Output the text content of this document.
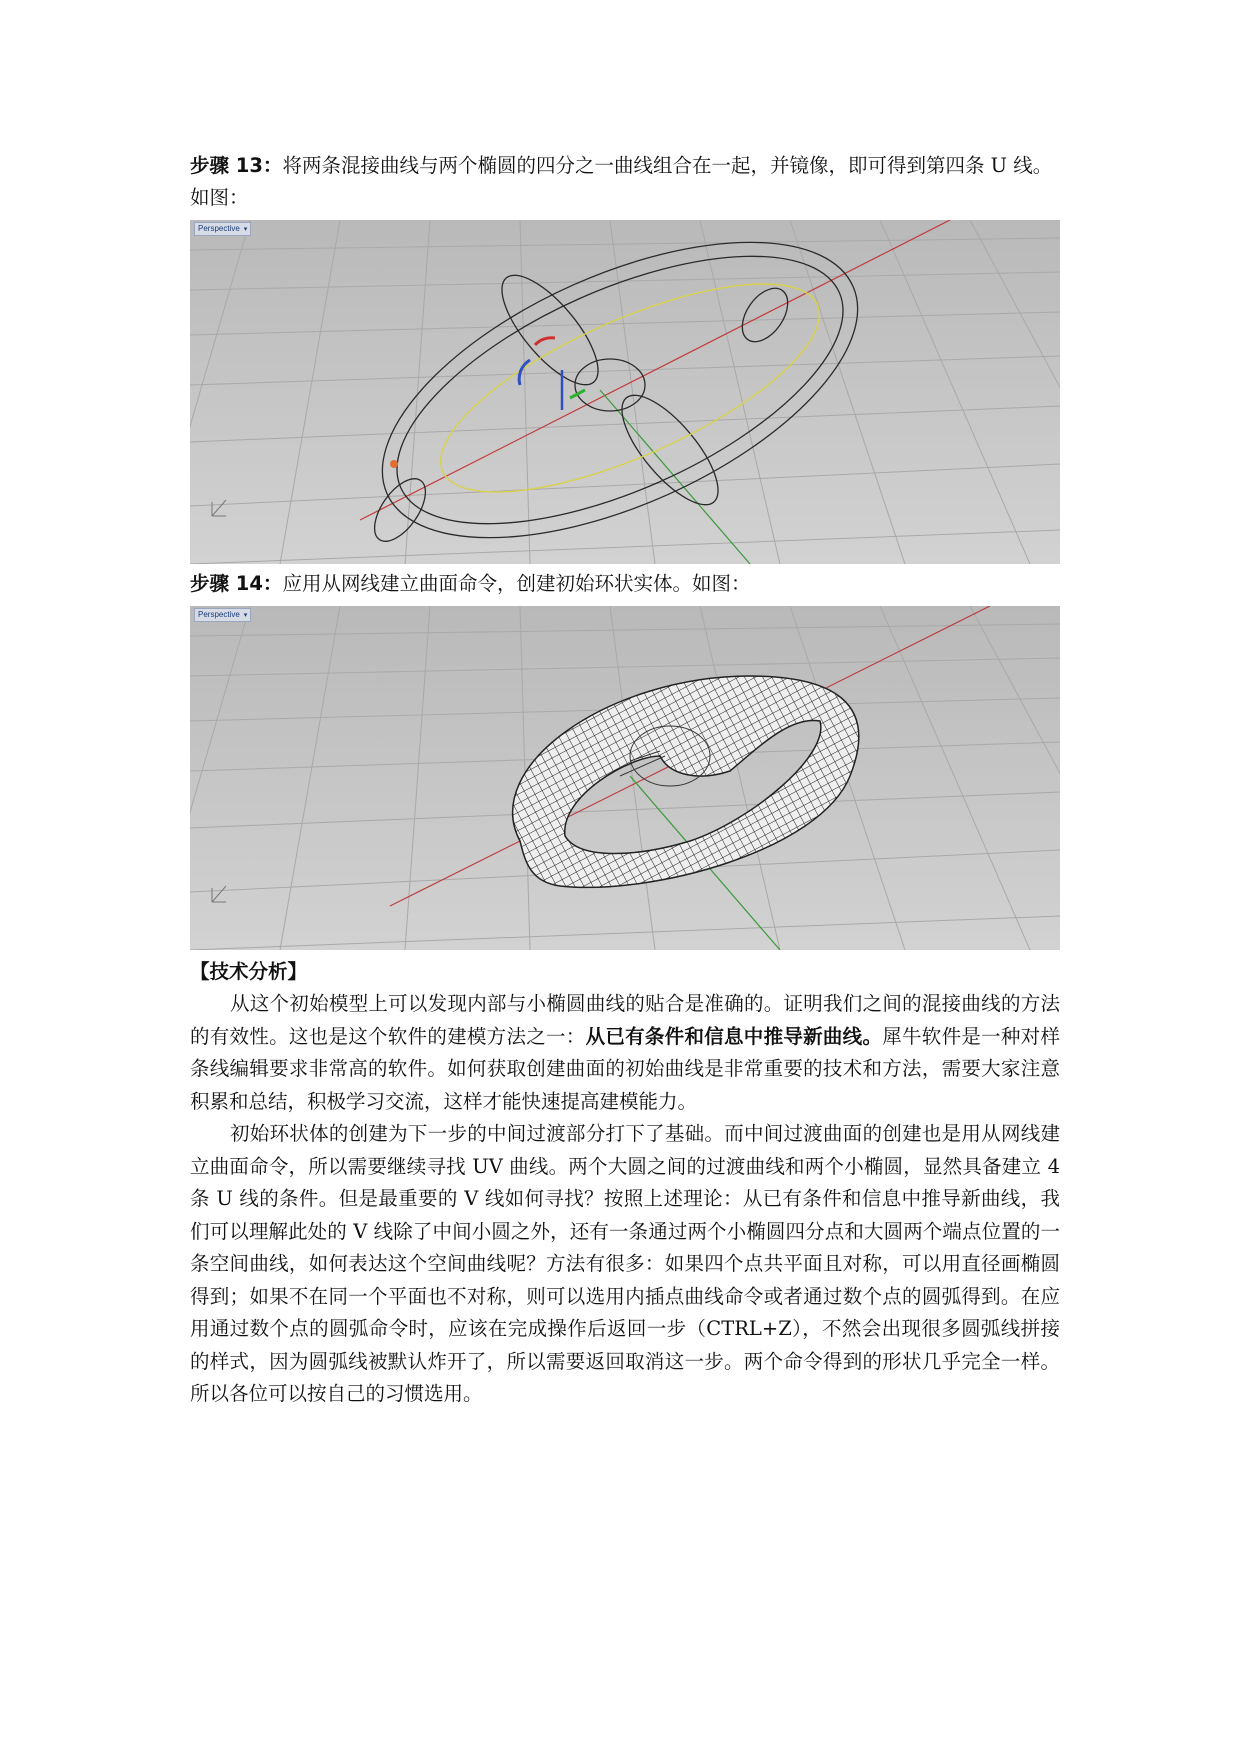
步骤 13：将两条混接曲线与两个椭圆的四分之一曲线组合在一起，并镜像，即可得到第四条 U 线。如图：

Perspective ▾

步骤 14：应用从网线建立曲面命令，创建初始环状实体。如图：

Perspective ▾

【技术分析】

从这个初始模型上可以发现内部与小椭圆曲线的贴合是准确的。证明我们之间的混接曲线的方法的有效性。这也是这个软件的建模方法之一：从已有条件和信息中推导新曲线。犀牛软件是一种对样条线编辑要求非常高的软件。如何获取创建曲面的初始曲线是非常重要的技术和方法，需要大家注意积累和总结，积极学习交流，这样才能快速提高建模能力。

初始环状体的创建为下一步的中间过渡部分打下了基础。而中间过渡曲面的创建也是用从网线建立曲面命令，所以需要继续寻找 UV 曲线。两个大圆之间的过渡曲线和两个小椭圆，显然具备建立 4 条 U 线的条件。但是最重要的 V 线如何寻找？按照上述理论：从已有条件和信息中推导新曲线，我们可以理解此处的 V 线除了中间小圆之外，还有一条通过两个小椭圆四分点和大圆两个端点位置的一条空间曲线，如何表达这个空间曲线呢？方法有很多：如果四个点共平面且对称，可以用直径画椭圆得到；如果不在同一个平面也不对称，则可以选用内插点曲线命令或者通过数个点的圆弧得到。在应用通过数个点的圆弧命令时，应该在完成操作后返回一步（CTRL+Z），不然会出现很多圆弧线拼接的样式，因为圆弧线被默认炸开了，所以需要返回取消这一步。两个命令得到的形状几乎完全一样。所以各位可以按自己的习惯选用。
